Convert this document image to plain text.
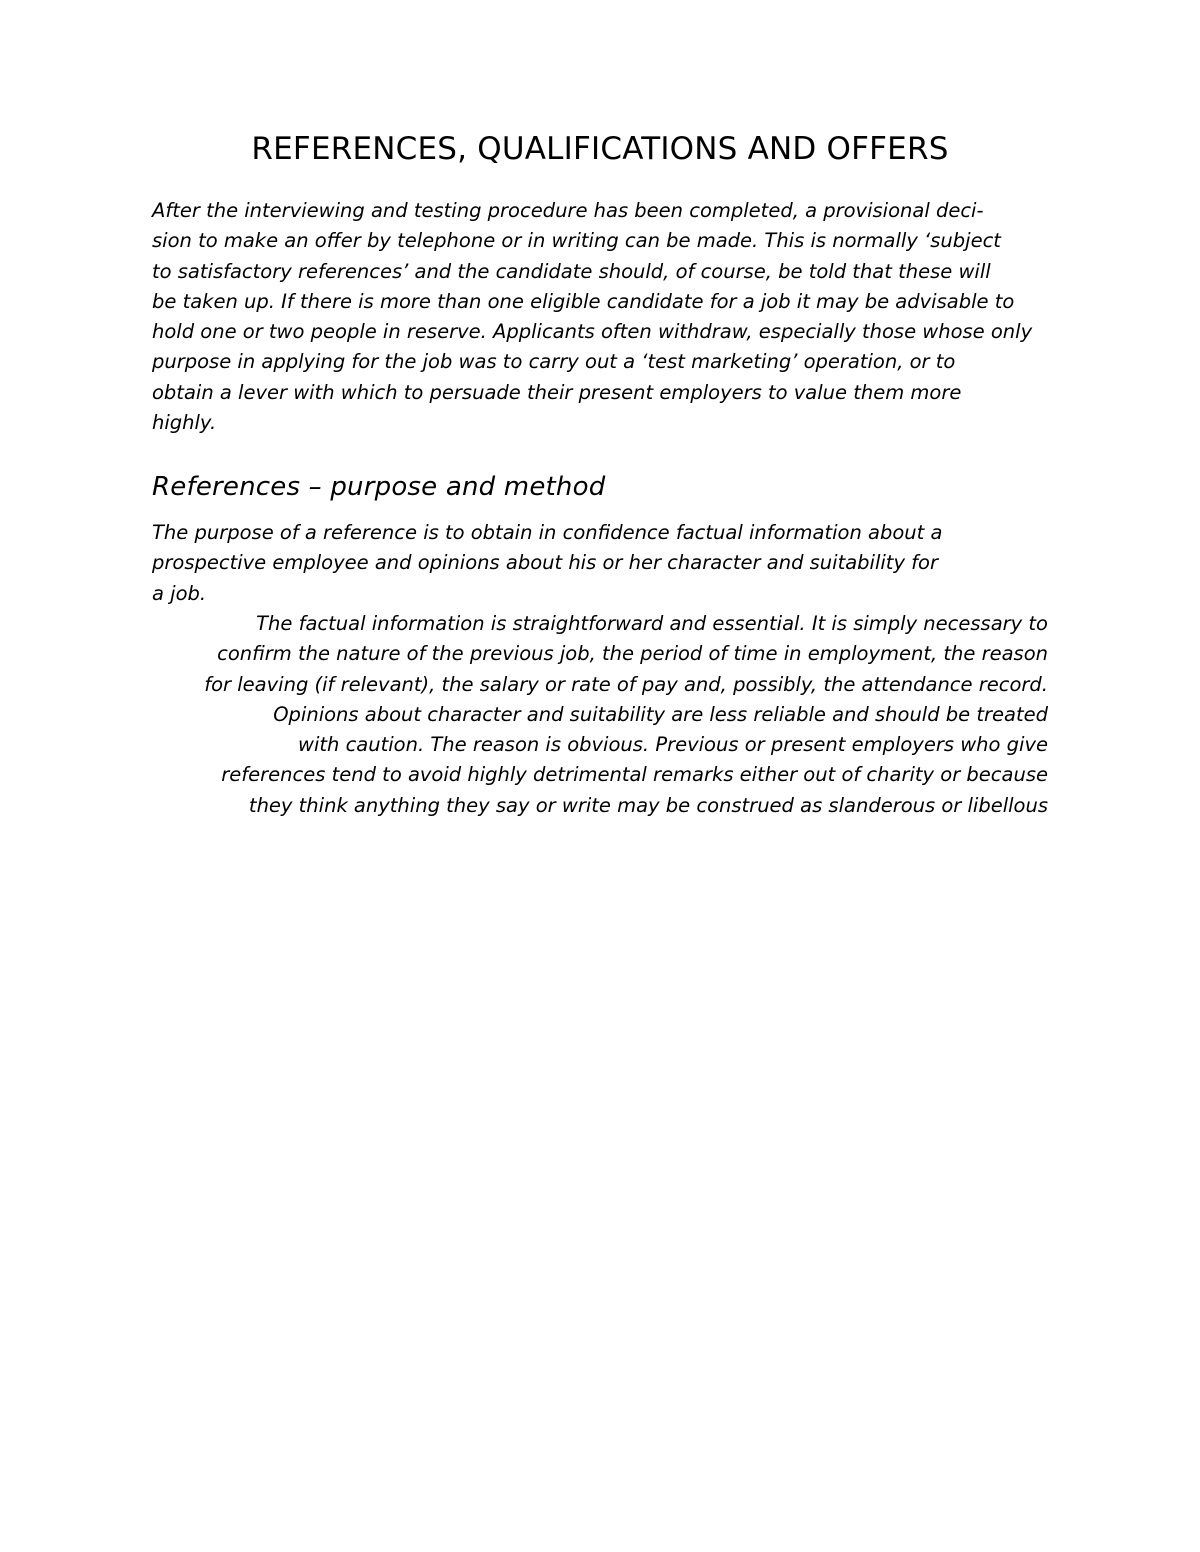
REFERENCES, QUALIFICATIONS AND OFFERS

After the interviewing and testing procedure has been completed, a provisional deci-
sion to make an offer by telephone or in writing can be made. This is normally ‘subject
to satisfactory references’ and the candidate should, of course, be told that these will
be taken up. If there is more than one eligible candidate for a job it may be advisable to
hold one or two people in reserve. Applicants often withdraw, especially those whose only
purpose in applying for the job was to carry out a ‘test marketing’ operation, or to
obtain a lever with which to persuade their present employers to value them more
highly.

References – purpose and method

The purpose of a reference is to obtain in confidence factual information about a
prospective employee and opinions about his or her character and suitability for
a job.

The factual information is straightforward and essential. It is simply necessary to
confirm the nature of the previous job, the period of time in employment, the reason
for leaving (if relevant), the salary or rate of pay and, possibly, the attendance record.
Opinions about character and suitability are less reliable and should be treated
with caution. The reason is obvious. Previous or present employers who give
references tend to avoid highly detrimental remarks either out of charity or because
they think anything they say or write may be construed as slanderous or libellous
